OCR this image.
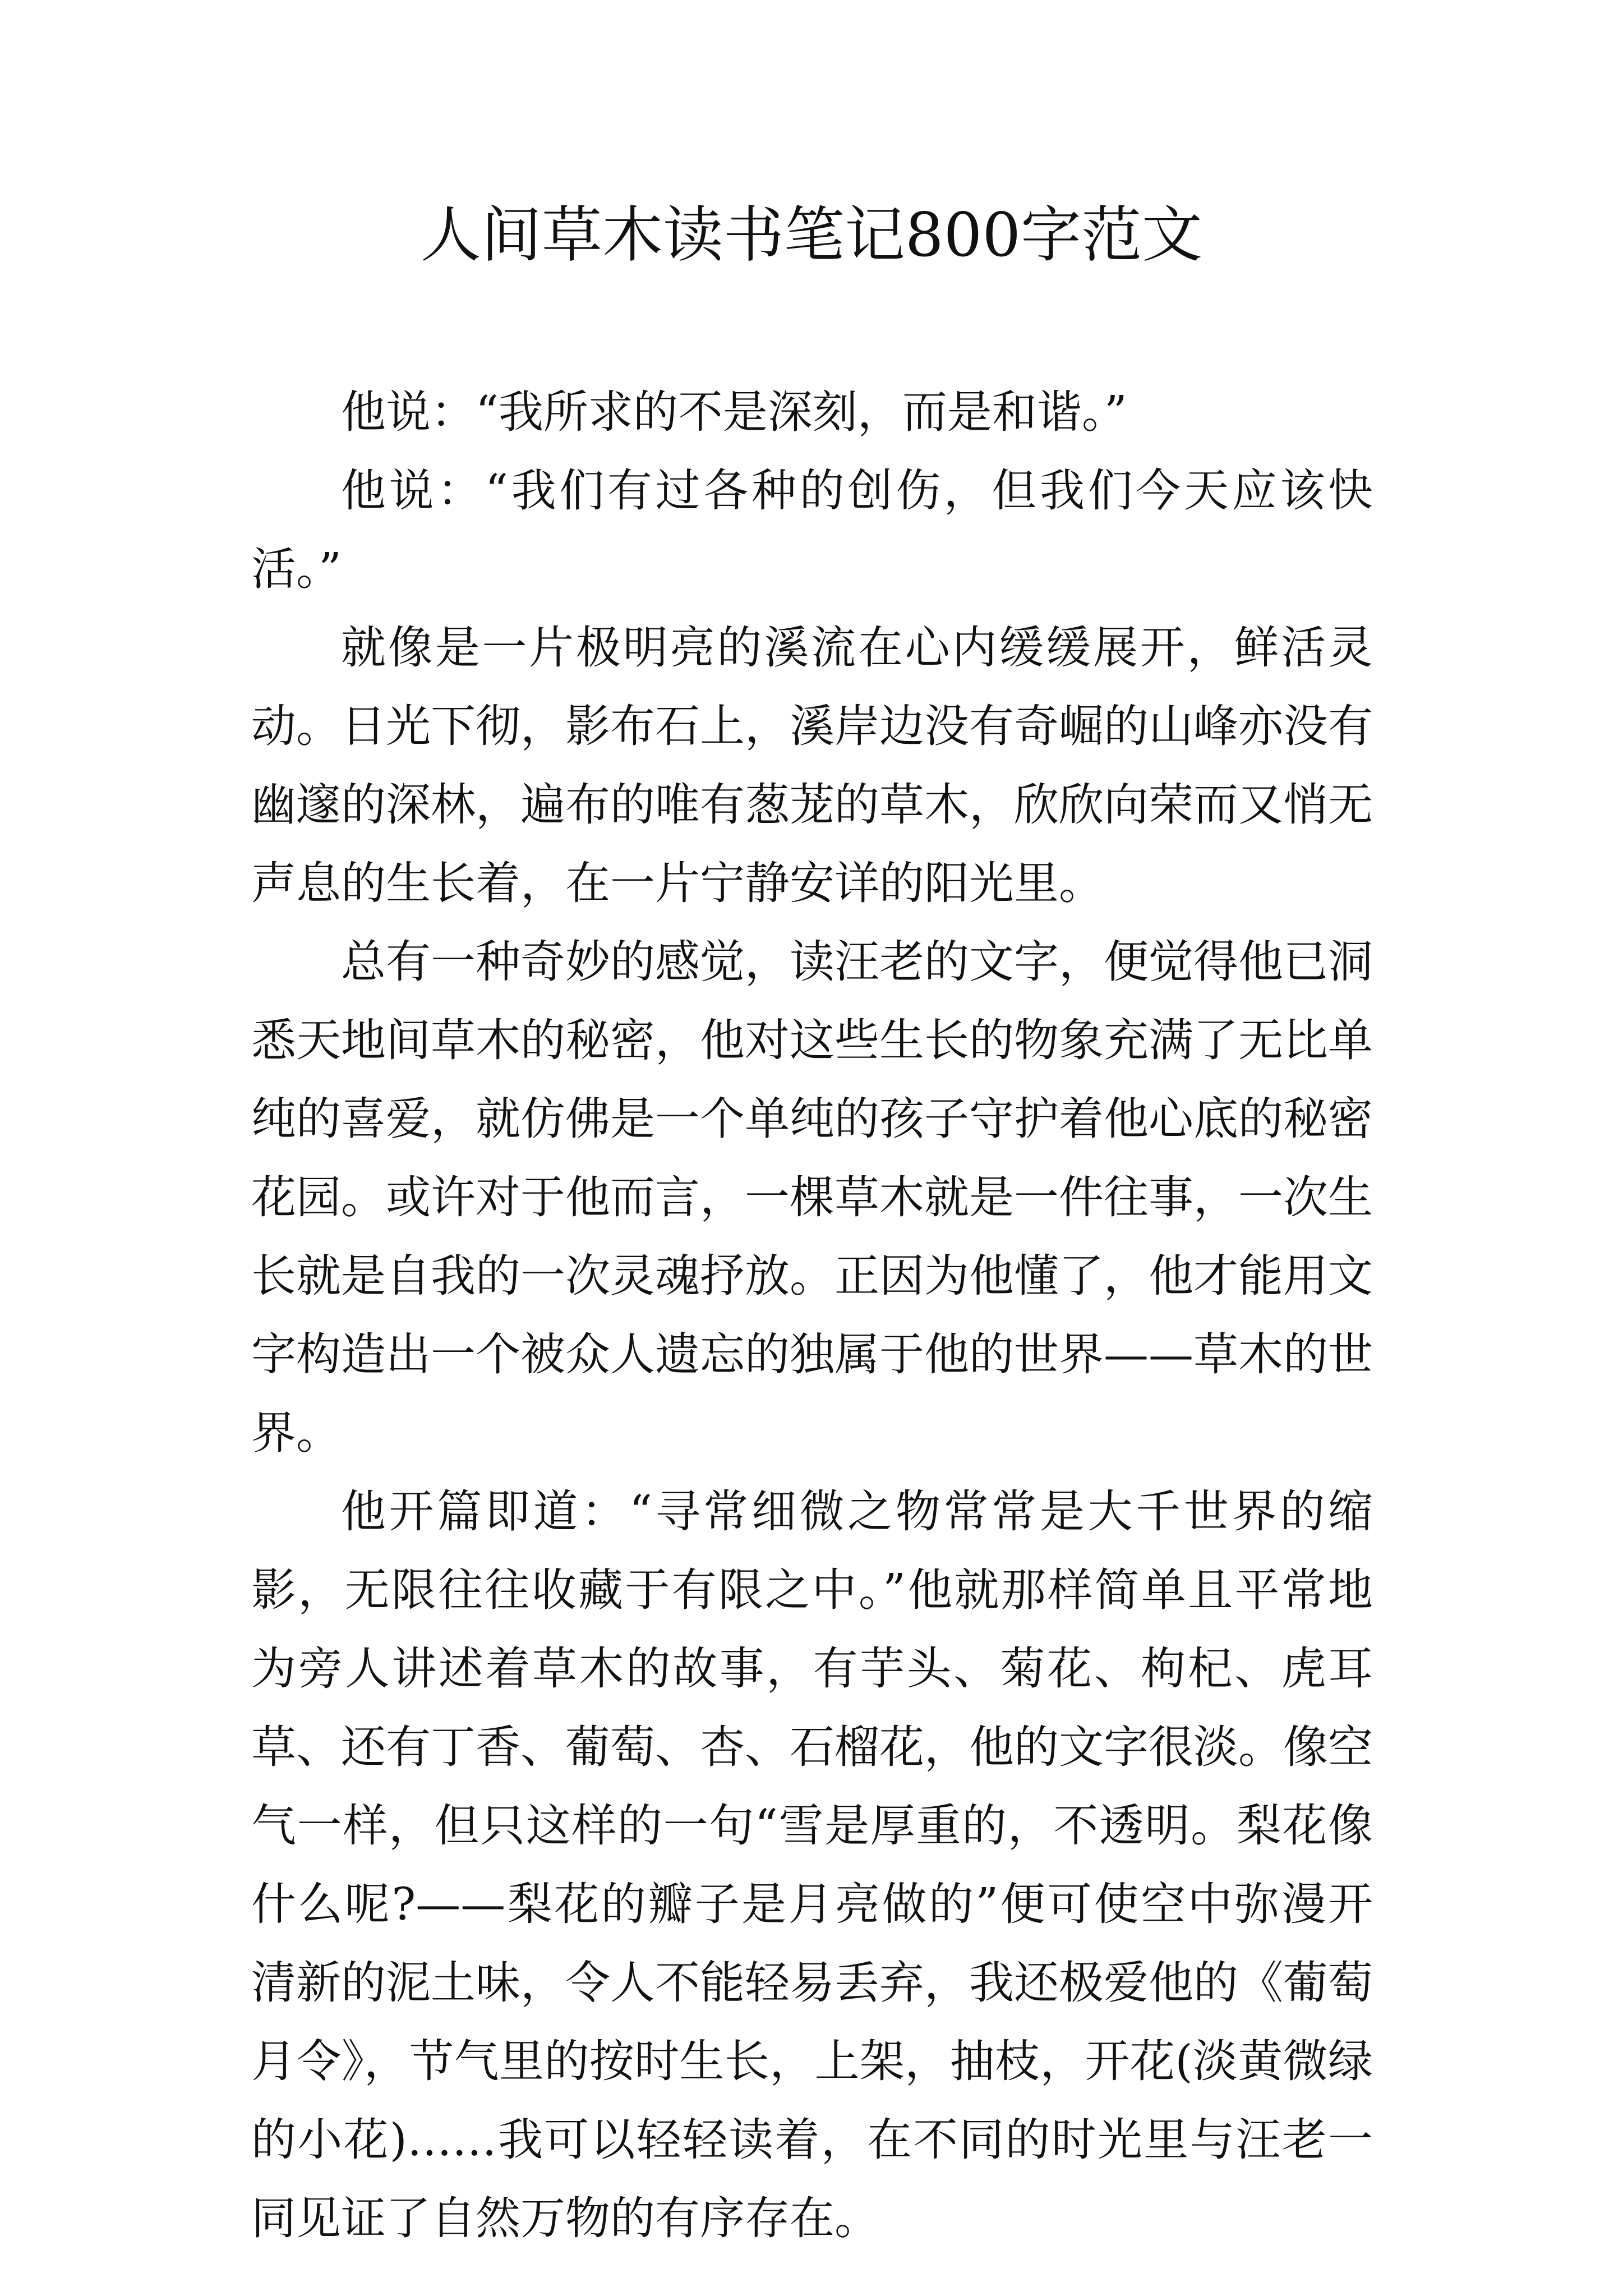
人间草木读书笔记800字范文

他说：“我所求的不是深刻，而是和谐。”

他说：“我们有过各种的创伤，但我们今天应该快活。”

就像是一片极明亮的溪流在心内缓缓展开，鲜活灵动。日光下彻，影布石上，溪岸边没有奇崛的山峰亦没有幽邃的深林，遍布的唯有葱茏的草木，欣欣向荣而又悄无声息的生长着，在一片宁静安详的阳光里。

总有一种奇妙的感觉，读汪老的文字，便觉得他已洞悉天地间草木的秘密，他对这些生长的物象充满了无比单纯的喜爱，就仿佛是一个单纯的孩子守护着他心底的秘密花园。或许对于他而言，一棵草木就是一件往事，一次生长就是自我的一次灵魂抒放。正因为他懂了，他才能用文字构造出一个被众人遗忘的独属于他的世界——草木的世界。

他开篇即道：“寻常细微之物常常是大千世界的缩影，无限往往收藏于有限之中。”他就那样简单且平常地为旁人讲述着草木的故事，有芋头、菊花、枸杞、虎耳草、还有丁香、葡萄、杏、石榴花，他的文字很淡。像空气一样，但只这样的一句“雪是厚重的，不透明。梨花像什么呢?——梨花的瓣子是月亮做的”便可使空中弥漫开清新的泥土味，令人不能轻易丢弃，我还极爱他的《葡萄月令》，节气里的按时生长，上架，抽枝，开花(淡黄微绿的小花)……我可以轻轻读着，在不同的时光里与汪老一同见证了自然万物的有序存在。
